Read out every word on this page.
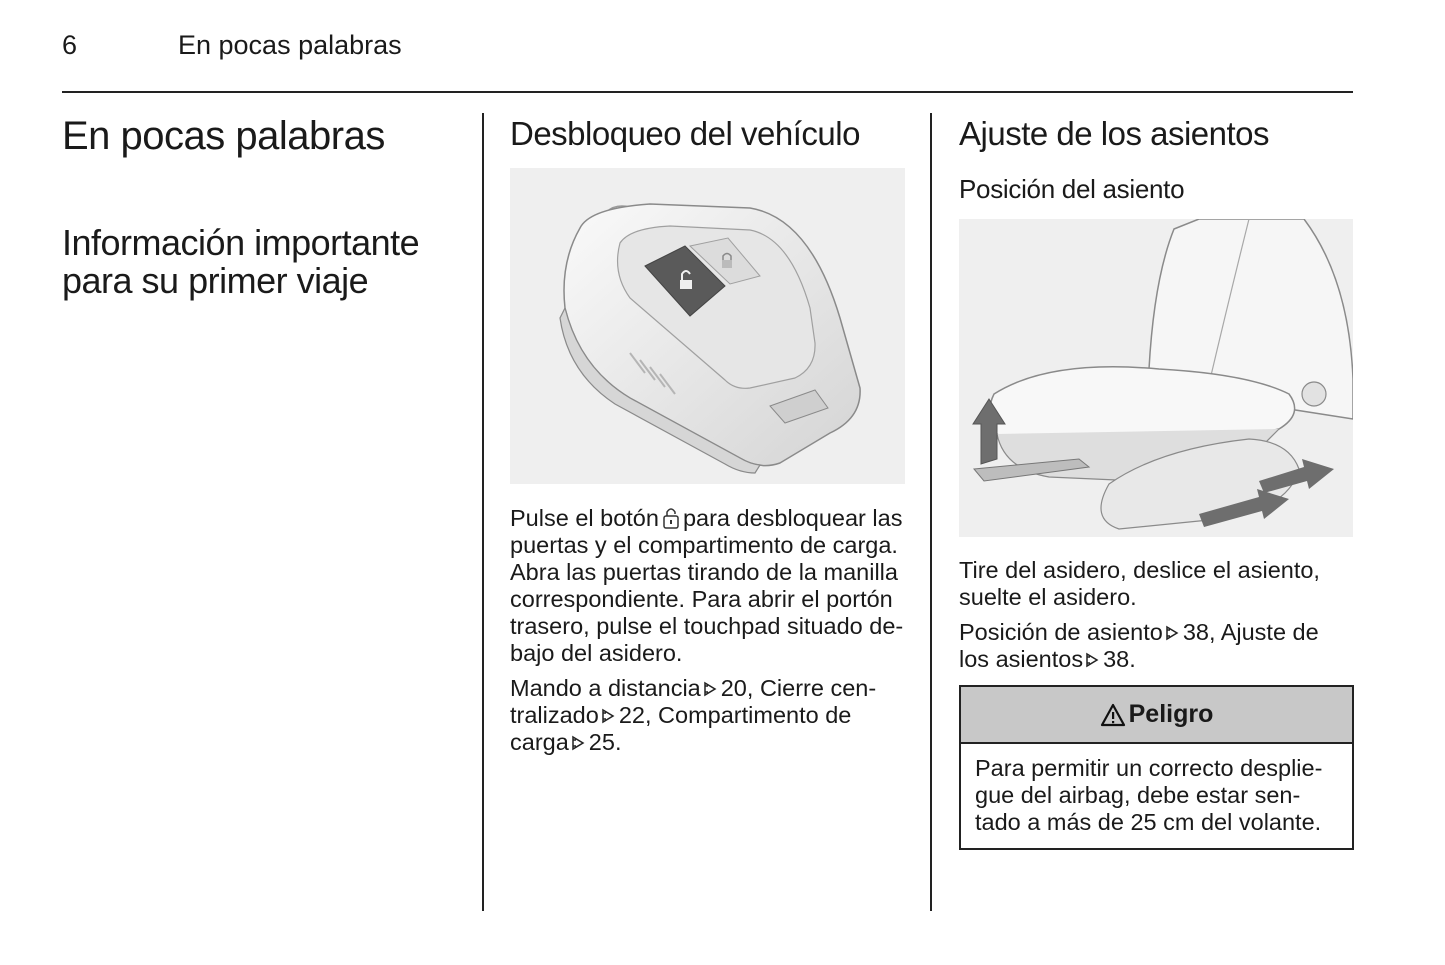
6	En pocas palabras
En pocas palabras
Información importante
para su primer viaje
Desbloqueo del vehículo

Pulse el botón para desbloquear las puertas y el compartimento de carga. Abra las puertas tirando de la manilla correspondiente. Para abrir el portón trasero, pulse el touchpad situado de-bajo del asidero.

Mando a distancia 20, Cierre cen-tralizado 22, Compartimento de carga 25.

Ajuste de los asientos
Posición del asiento

Tire del asidero, deslice el asiento, suelte el asidero.

Posición de asiento 38, Ajuste de los asientos 38.

Peligro
Para permitir un correcto desplie-gue del airbag, debe estar sen-tado a más de 25 cm del volante.
